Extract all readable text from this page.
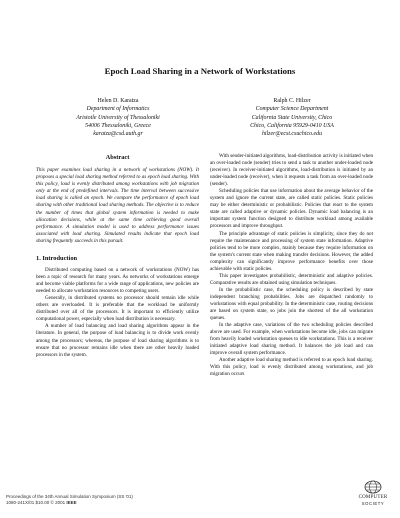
Epoch Load Sharing in a Network of Workstations
Helen D. Karatza
Department of Informatics
Aristotle University of Thessaloniki
54006 Thessaloniki, Greece
karatza@csd.auth.gr
Ralph C. Hilzer
Computer Science Department
California State University, Chico
Chico, California 95929-0410 USA
hilzer@ecst.csuchico.edu
Abstract

This paper examines load sharing in a network of workstations (NOW). It proposes a special load sharing method referred to as epoch load sharing. With this policy, load is evenly distributed among workstations with job migration only at the end of predefined intervals. The time interval between successive load sharing is called an epoch. We compare the performance of epoch load sharing with other traditional load sharing methods. The objective is to reduce the number of times that global system information is needed to make allocation decisions, while at the same time achieving good overall performance. A simulation model is used to address performance issues associated with load sharing. Simulated results indicate that epoch load sharing frequently succeeds in this pursuit.

1. Introduction

Distributed computing based on a network of workstations (NOW) has been a topic of research for many years. As networks of workstations emerge and become viable platforms for a wide range of applications, new policies are needed to allocate workstation resources to competing users.

Generally, in distributed systems no processor should remain idle while others are overloaded. It is preferable that the workload be uniformly distributed over all of the processors. It is important to efficiently utilize computational power, especially when load distribution is necessary.

A number of load balancing and load sharing algorithms appear in the literature. In general, the purpose of load balancing is to divide work evenly among the processors; whereas, the purpose of load sharing algorithms is to ensure that no processor remains idle when there are other heavily loaded processors in the system.

With sender-initiated algorithms, load-distribution activity is initiated when an over-loaded node (sender) tries to send a task to another under-loaded node (receiver). In receiver-initiated algorithms, load-distribution is initiated by an under-loaded node (receiver), when it requests a task from an over-loaded node (sender).

Scheduling policies that use information about the average behavior of the system and ignore the current state, are called static policies. Static policies may be either deterministic or probabilistic. Policies that react to the system state are called adaptive or dynamic policies. Dynamic load balancing is an important system function designed to distribute workload among available processors and improve throughput.

The principle advantage of static policies is simplicity, since they do not require the maintenance and processing of system state information. Adaptive policies tend to be more complex, mainly because they require information on the system's current state when making transfer decisions. However, the added complexity can significantly improve performance benefits over those achievable with static policies.

This paper investigates probabilistic, deterministic and adaptive policies. Comparative results are obtained using simulation techniques.

In the probabilistic case, the scheduling policy is described by state independent branching probabilities. Jobs are dispatched randomly to workstations with equal probability. In the deterministic case, routing decisions are based on system state, so jobs join the shortest of the all workstation queues.

In the adaptive case, variations of the two scheduling policies described above are used. For example, when workstations become idle, jobs can migrate from heavily loaded workstation queues to idle workstations. This is a receiver initiated adaptive load sharing method. It balances the job load and can improve overall system performance.

Another adaptive load sharing method is referred to as epoch load sharing. With this policy, load is evenly distributed among workstations, and job migration occurs

Proceedings of the 34th Annual Simulation Symposium (SS '01)
1080-241X/01 $10.00 © 2001 IEEE
COMPUTER
SOCIETY
